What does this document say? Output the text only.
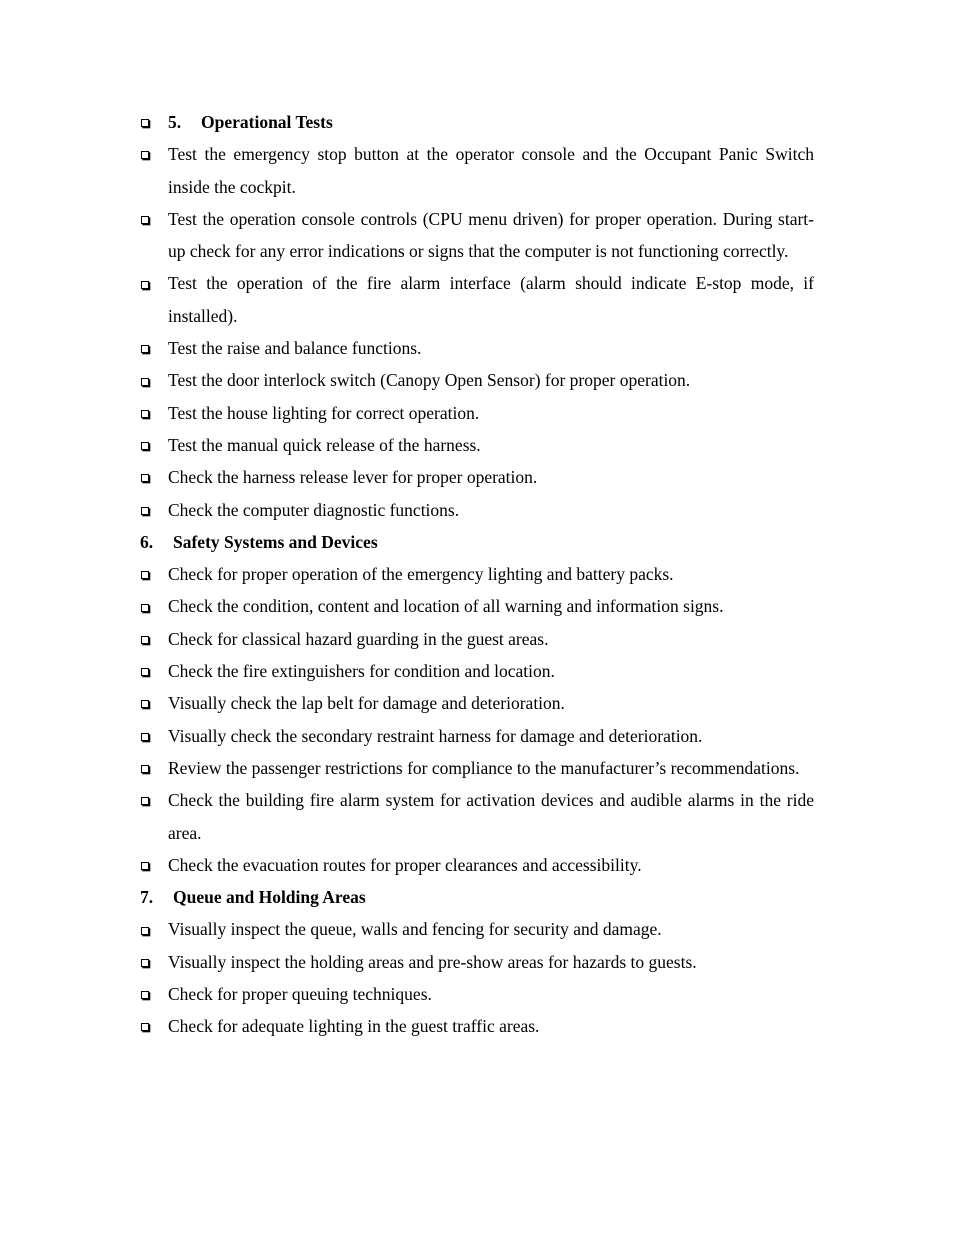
5.	Operational Tests
Test the emergency stop button at the operator console and the Occupant Panic Switch inside the cockpit.
Test the operation console controls (CPU menu driven) for proper operation. During start-up check for any error indications or signs that the computer is not functioning correctly.
Test the operation of the fire alarm interface (alarm should indicate E-stop mode, if installed).
Test the raise and balance functions.
Test the door interlock switch (Canopy Open Sensor) for proper operation.
Test the house lighting for correct operation.
Test the manual quick release of the harness.
Check the harness release lever for proper operation.
Check the computer diagnostic functions.
6.	Safety Systems and Devices
Check for proper operation of the emergency lighting and battery packs.
Check the condition, content and location of all warning and information signs.
Check for classical hazard guarding in the guest areas.
Check the fire extinguishers for condition and location.
Visually check the lap belt for damage and deterioration.
Visually check the secondary restraint harness for damage and deterioration.
Review the passenger restrictions for compliance to the manufacturer’s recommendations.
Check the building fire alarm system for activation devices and audible alarms in the ride area.
Check the evacuation routes for proper clearances and accessibility.
7.	Queue and Holding Areas
Visually inspect the queue, walls and fencing for security and damage.
Visually inspect the holding areas and pre-show areas for hazards to guests.
Check for proper queuing techniques.
Check for adequate lighting in the guest traffic areas.
